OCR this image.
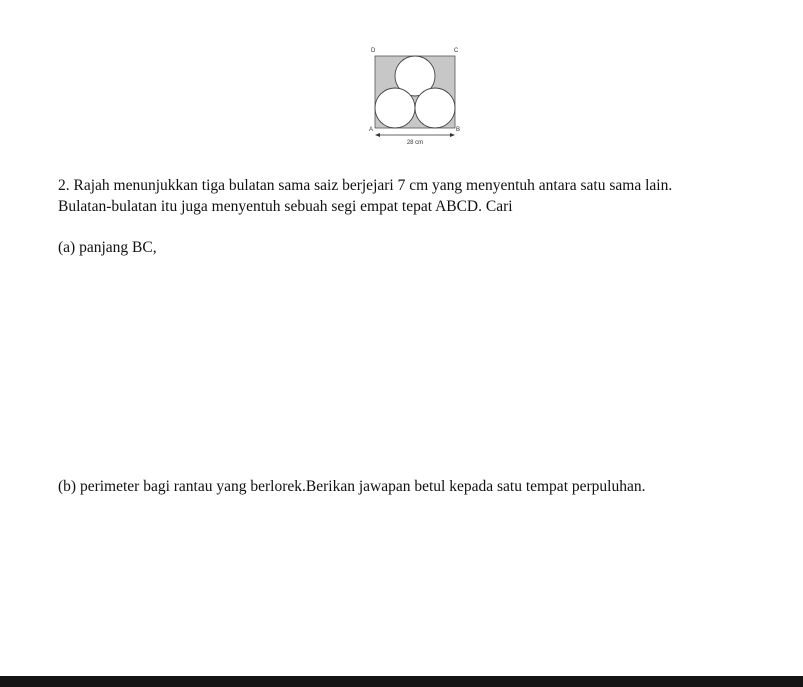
D	C
A	B
28 cm
2. Rajah menunjukkan tiga bulatan sama saiz berjejari 7 cm yang menyentuh antara satu sama lain.
Bulatan-bulatan itu juga menyentuh sebuah segi empat tepat ABCD. Cari
(a) panjang BC,
(b) perimeter bagi rantau yang berlorek.Berikan jawapan betul kepada satu tempat perpuluhan.
